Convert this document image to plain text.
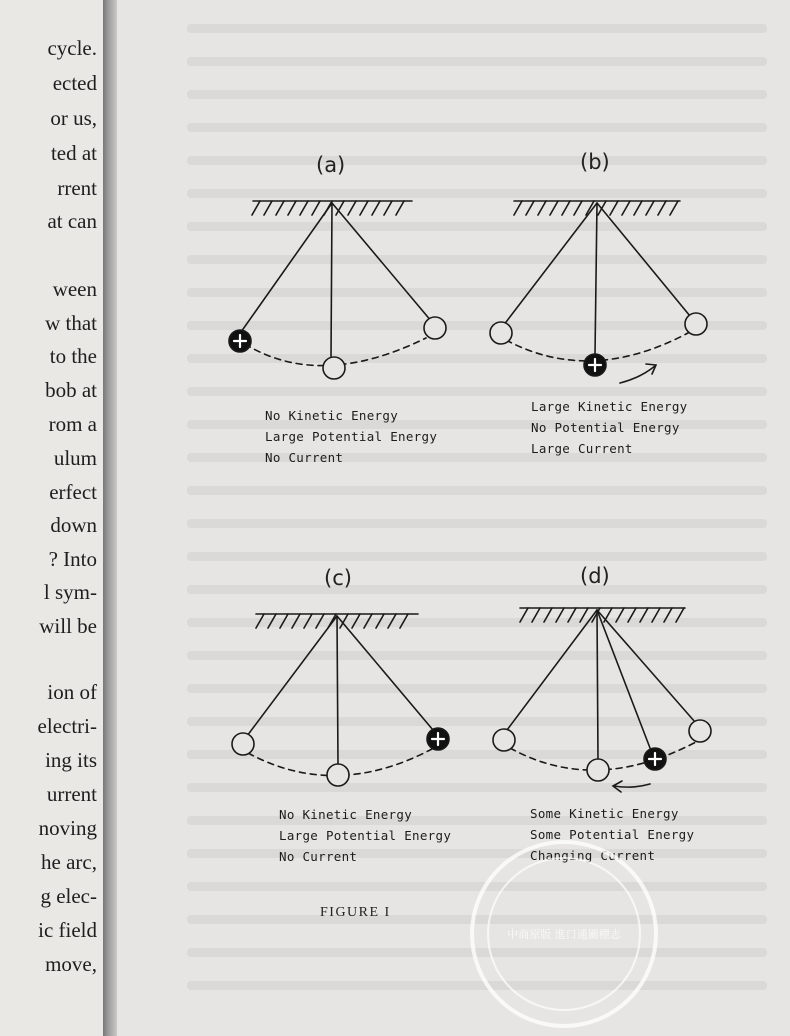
cycle.
ected
or us,
ted at
rrent
at can
ween
w that
to the
bob at
rom a
ulum
erfect
down
? Into
l sym-
will be
ion of
electri-
ing its
urrent
noving
he arc,
g elec-
ic field
move,
(a)	(b)
(c)	(d)
No Kinetic Energy
Large Potential Energy
No Current
Large Kinetic Energy
No Potential Energy
Large Current
No Kinetic Energy
Large Potential Energy
No Current
Some Kinetic Energy
Some Potential Energy
Changing Current
FIGURE I
中商原版 進口通關標志
